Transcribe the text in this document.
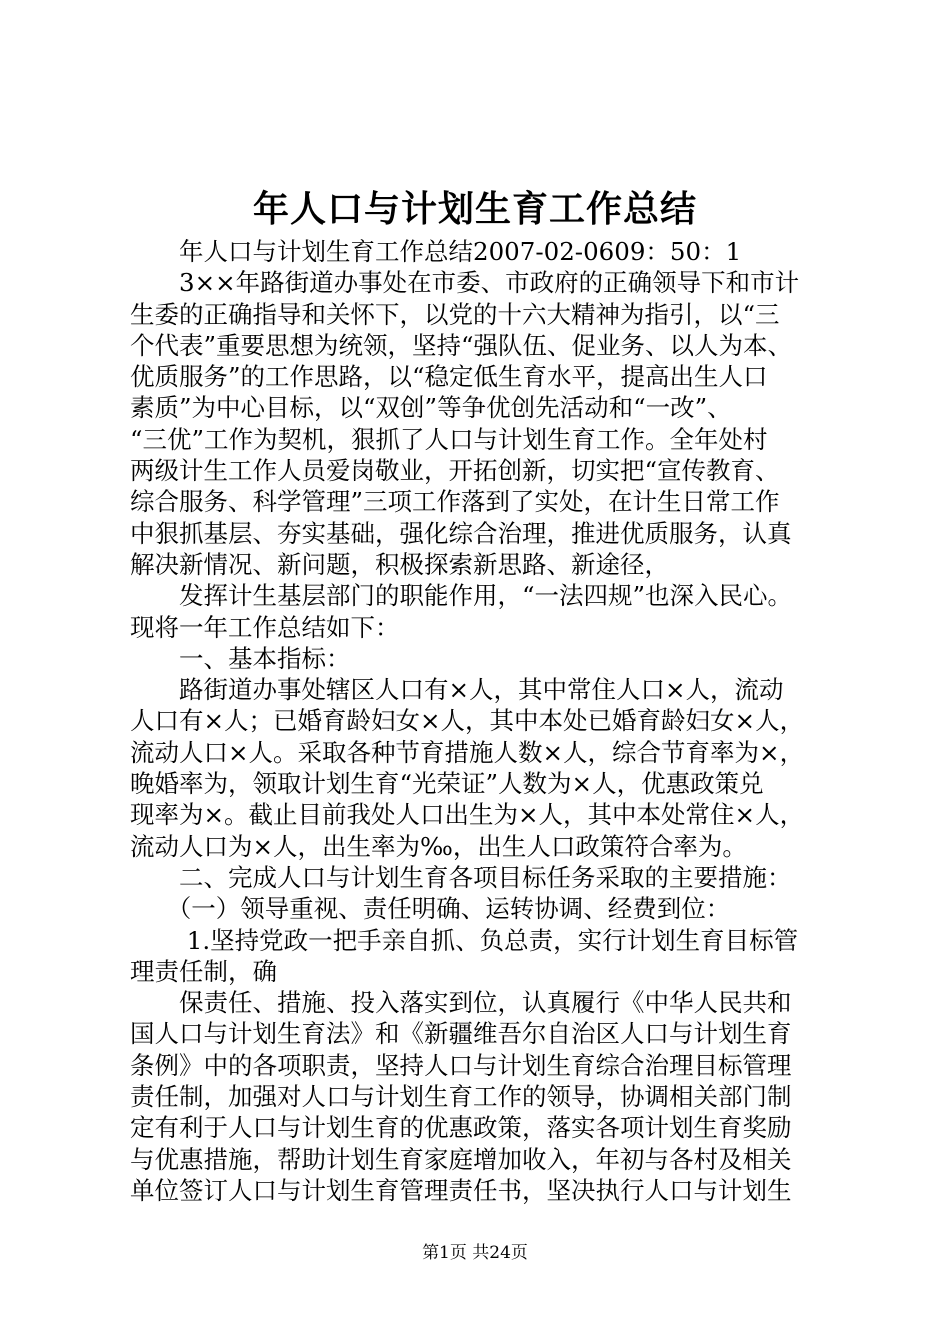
年人口与计划生育工作总结
　　年人口与计划生育工作总结2007-02-0609：50：1
　　3××年路街道办事处在市委、市政府的正确领导下和市计
生委的正确指导和关怀下，以党的十六大精神为指引，以“三
个代表”重要思想为统领，坚持“强队伍、促业务、以人为本、
优质服务”的工作思路，以“稳定低生育水平，提高出生人口
素质”为中心目标，以“双创”等争优创先活动和“一改”、
“三优”工作为契机，狠抓了人口与计划生育工作。全年处村
两级计生工作人员爱岗敬业，开拓创新，切实把“宣传教育、
综合服务、科学管理”三项工作落到了实处，在计生日常工作
中狠抓基层、夯实基础，强化综合治理，推进优质服务，认真
解决新情况、新问题，积极探索新思路、新途径，
　　发挥计生基层部门的职能作用，“一法四规”也深入民心。
现将一年工作总结如下：
　　一、基本指标：
　　路街道办事处辖区人口有×人，其中常住人口×人，流动
人口有×人；已婚育龄妇女×人，其中本处已婚育龄妇女×人，
流动人口×人。采取各种节育措施人数×人，综合节育率为×，
晚婚率为，领取计划生育“光荣证”人数为×人，优惠政策兑
现率为×。截止目前我处人口出生为×人，其中本处常住×人，
流动人口为×人，出生率为‰，出生人口政策符合率为。
　　二、完成人口与计划生育各项目标任务采取的主要措施：
　　（一）领导重视、责任明确、运转协调、经费到位：
　　 1.坚持党政一把手亲自抓、负总责，实行计划生育目标管
理责任制，确
　　保责任、措施、投入落实到位，认真履行《中华人民共和
国人口与计划生育法》和《新疆维吾尔自治区人口与计划生育
条例》中的各项职责，坚持人口与计划生育综合治理目标管理
责任制，加强对人口与计划生育工作的领导，协调相关部门制
定有利于人口与计划生育的优惠政策，落实各项计划生育奖励
与优惠措施，帮助计划生育家庭增加收入，年初与各村及相关
单位签订人口与计划生育管理责任书，坚决执行人口与计划生
第1页 共24页
